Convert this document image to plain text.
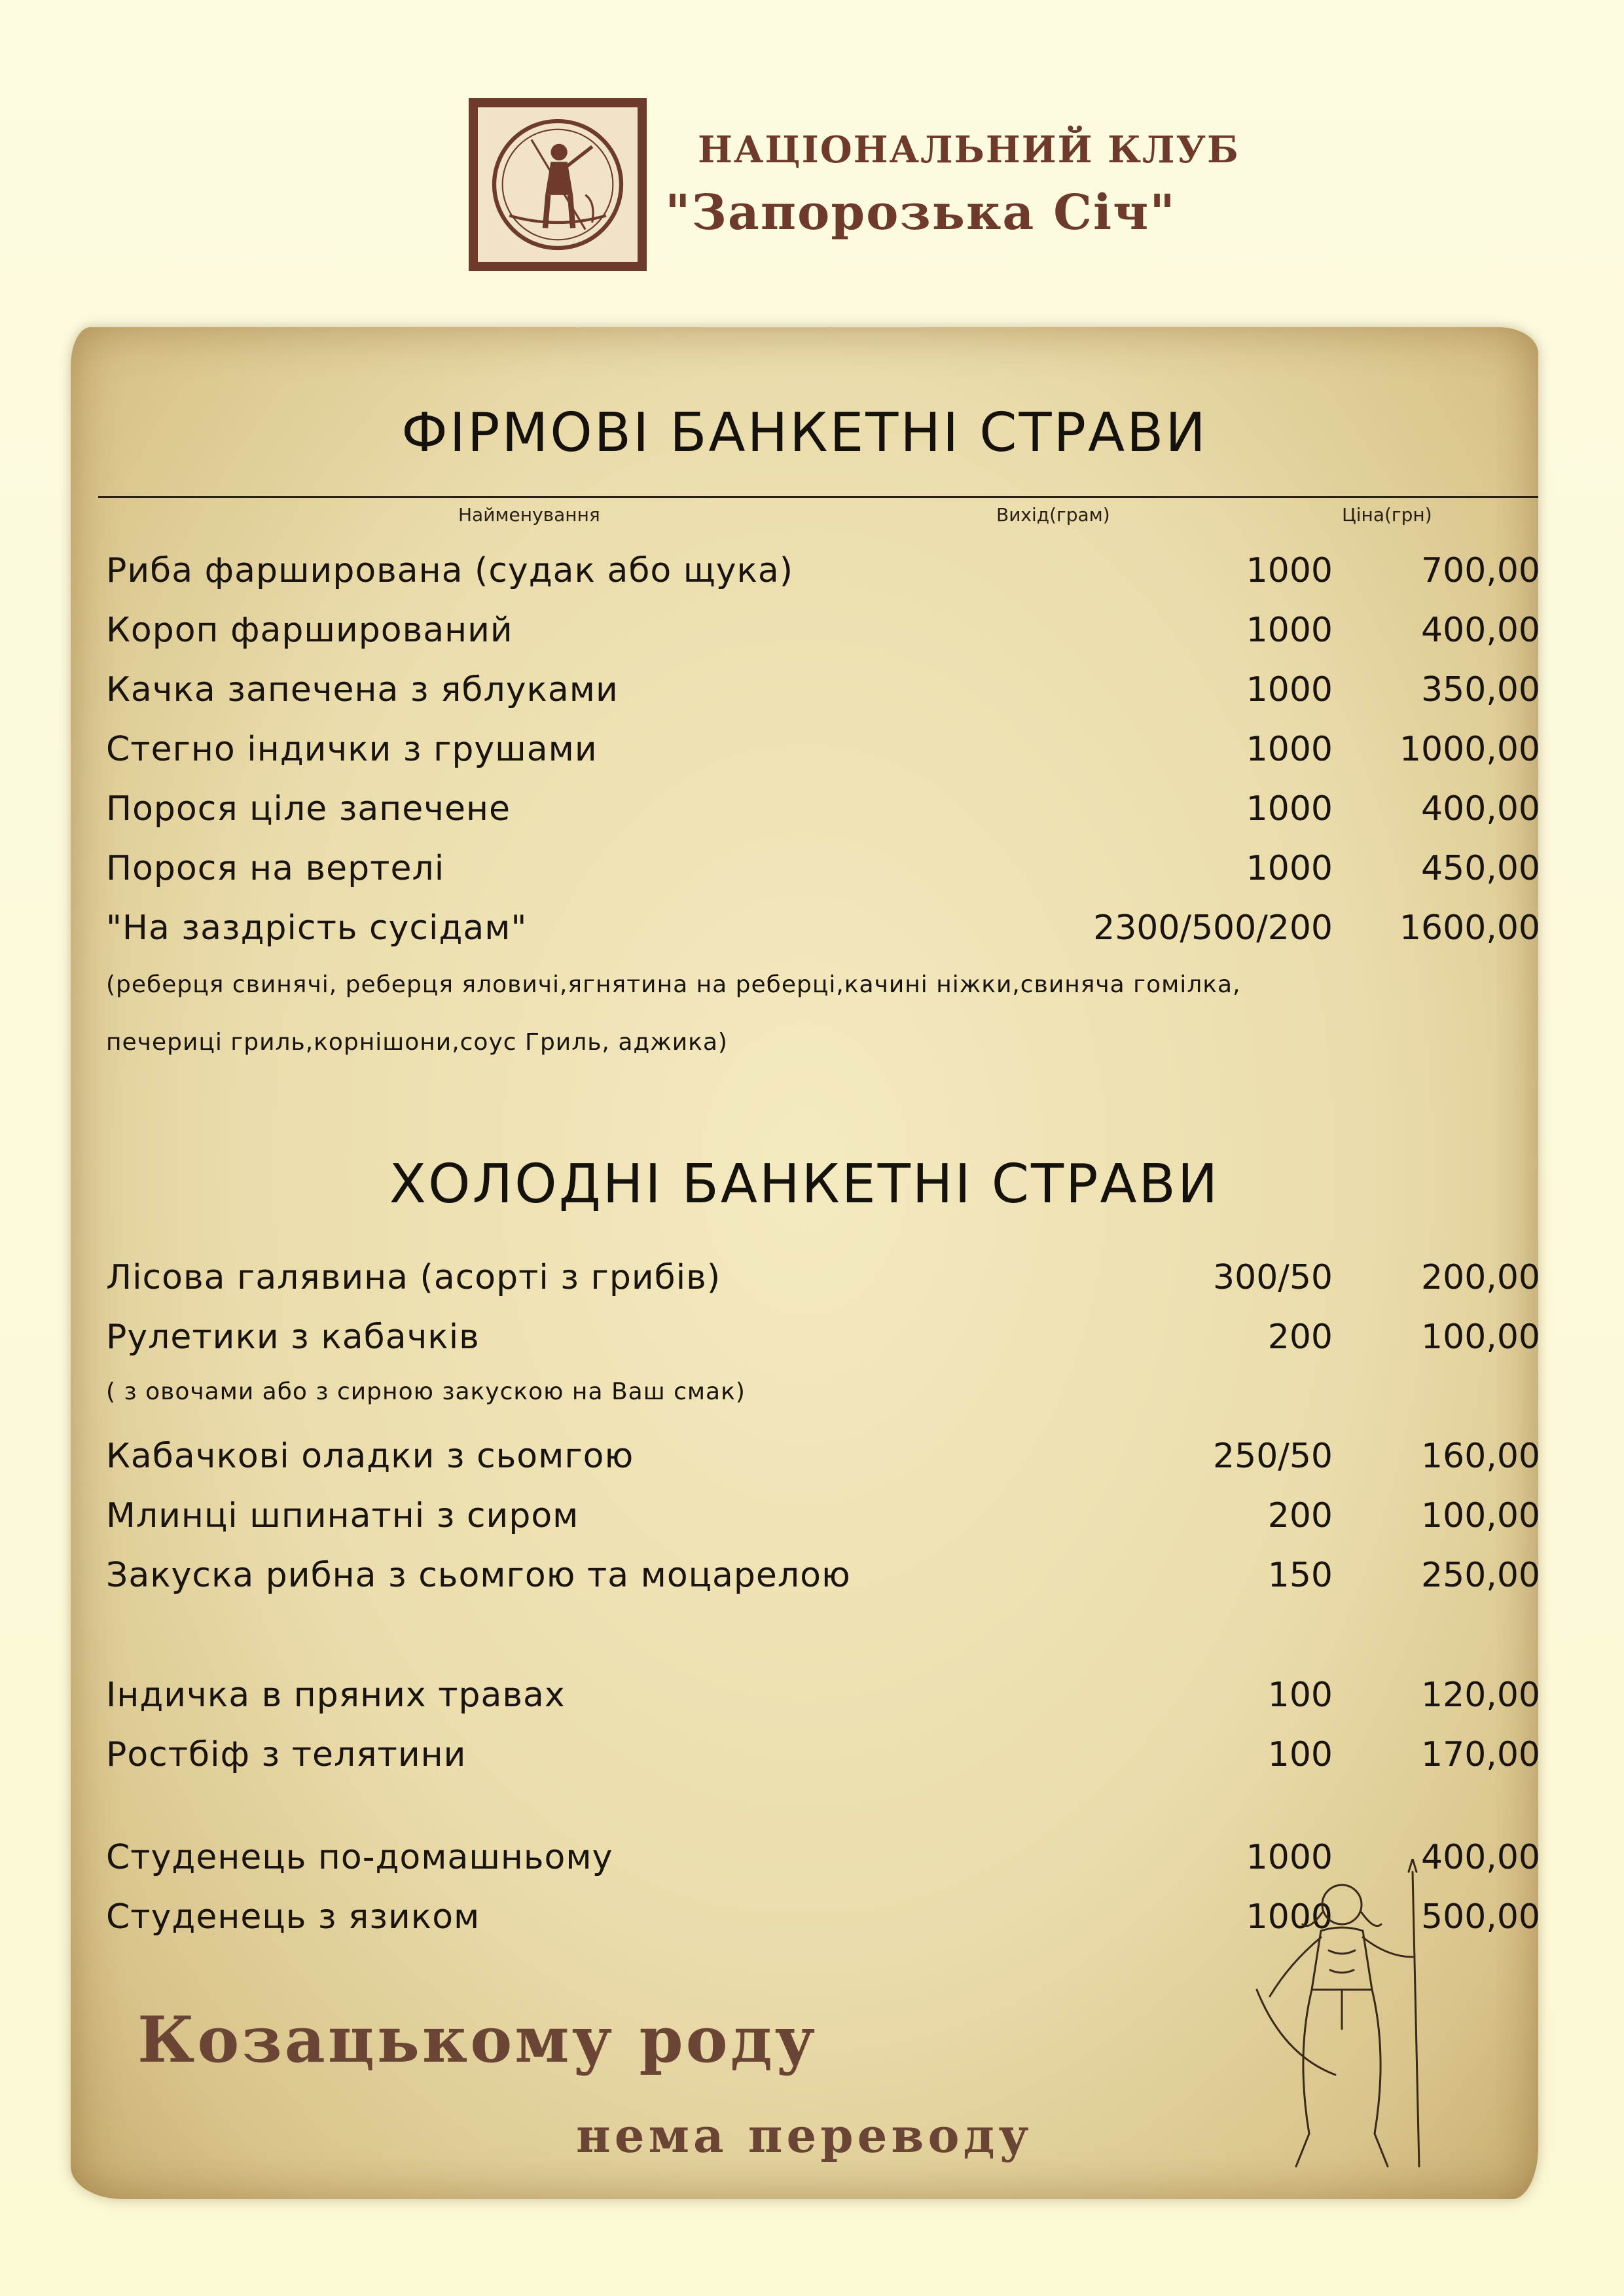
НАЦІОНАЛЬНИЙ КЛУБ
"Запорозька Січ"
ФІРМОВІ БАНКЕТНІ СТРАВИ
Найменування	Вихід(грам)	Ціна(грн)
Риба фарширована (судак або щука)	1000	700,00
Короп фарширований	1000	400,00
Качка запечена з яблуками	1000	350,00
Стегно індички з грушами	1000 1000,00
Порося ціле запечене	1000	400,00
Порося на вертелі	1000	450,00
"На заздрість сусідам"	2300/500/200 1600,00
(реберця свинячі, реберця яловичі,ягнятина на реберці,качині ніжки,свиняча гомілка,
печериці гриль,корнішони,соус Гриль, аджика)
ХОЛОДНІ БАНКЕТНІ СТРАВИ
Лісова галявина (асорті з грибів)	300/50	200,00
Рулетики з кабачків	200	100,00
( з овочами або з сирною закускою на Ваш смак)
Кабачкові оладки з сьомгою	250/50	160,00
Млинці шпинатні з сиром	200	100,00
Закуска рибна з сьомгою та моцарелою	150	250,00
Індичка в пряних травах	100	120,00
Ростбіф з телятини	100	170,00
Студенець по-домашньому	1000	400,00
Студенець з язиком	1000	500,00
Козацькому роду
нема переводу
